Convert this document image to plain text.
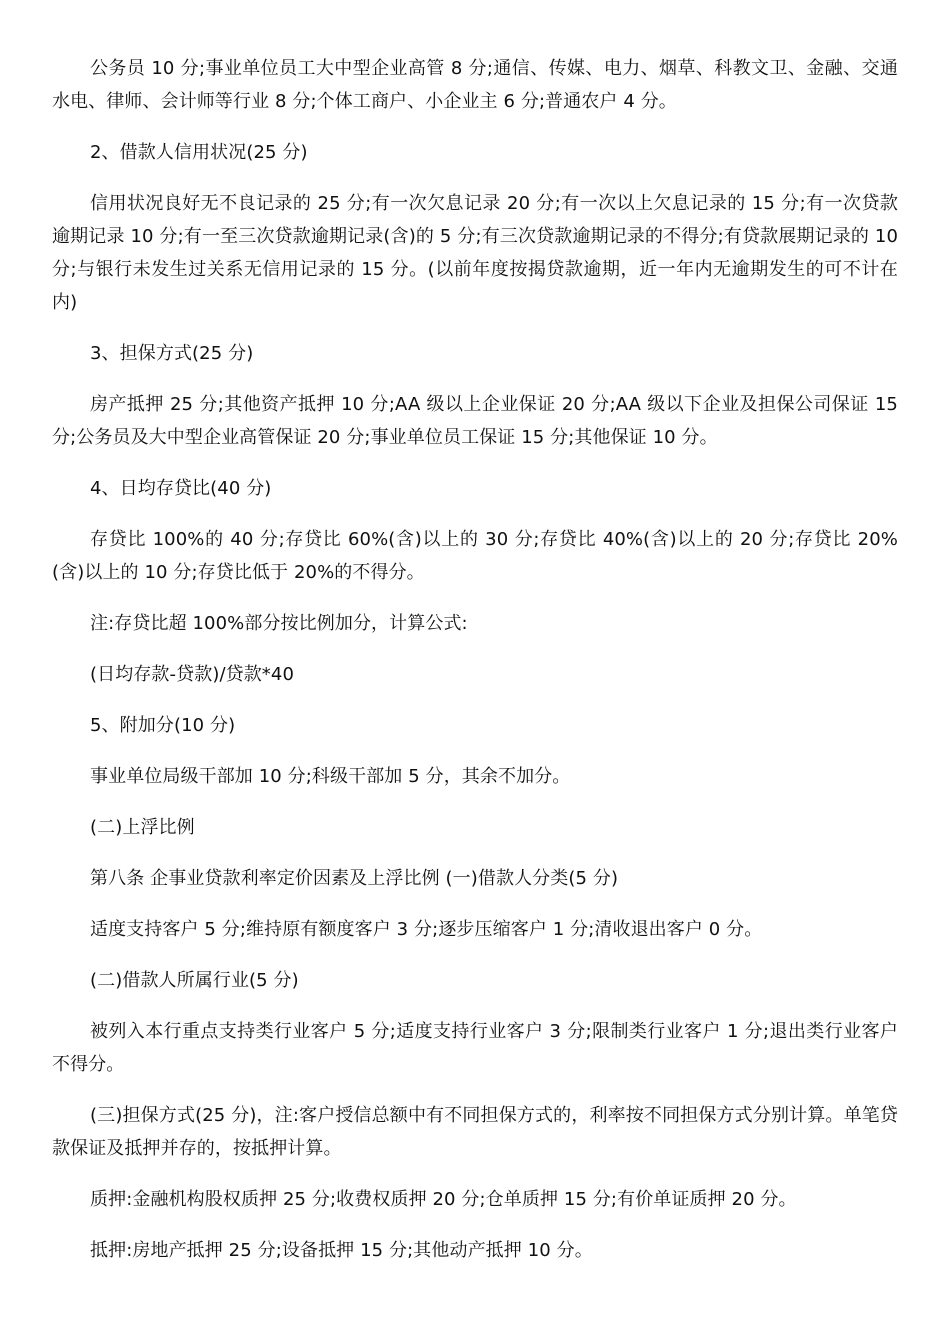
公务员 10 分;事业单位员工大中型企业高管 8 分;通信、传媒、电力、烟草、科教文卫、金融、交通水电、律师、会计师等行业 8 分;个体工商户、小企业主 6 分;普通农户 4 分。

2、借款人信用状况(25 分)

信用状况良好无不良记录的 25 分;有一次欠息记录 20 分;有一次以上欠息记录的 15 分;有一次贷款逾期记录 10 分;有一至三次贷款逾期记录(含)的 5 分;有三次贷款逾期记录的不得分;有贷款展期记录的 10 分;与银行未发生过关系无信用记录的 15 分。(以前年度按揭贷款逾期，近一年内无逾期发生的可不计在内)

3、担保方式(25 分)

房产抵押 25 分;其他资产抵押 10 分;AA 级以上企业保证 20 分;AA 级以下企业及担保公司保证 15 分;公务员及大中型企业高管保证 20 分;事业单位员工保证 15 分;其他保证 10 分。

4、日均存贷比(40 分)

存贷比 100%的 40 分;存贷比 60%(含)以上的 30 分;存贷比 40%(含)以上的 20 分;存贷比 20%(含)以上的 10 分;存贷比低于 20%的不得分。

注:存贷比超 100%部分按比例加分，计算公式:

(日均存款-贷款)/贷款*40

5、附加分(10 分)

事业单位局级干部加 10 分;科级干部加 5 分，其余不加分。

(二)上浮比例

第八条 企事业贷款利率定价因素及上浮比例 (一)借款人分类(5 分)

适度支持客户 5 分;维持原有额度客户 3 分;逐步压缩客户 1 分;清收退出客户 0 分。

(二)借款人所属行业(5 分)

被列入本行重点支持类行业客户 5 分;适度支持行业客户 3 分;限制类行业客户 1 分;退出类行业客户不得分。

(三)担保方式(25 分)，注:客户授信总额中有不同担保方式的，利率按不同担保方式分别计算。单笔贷款保证及抵押并存的，按抵押计算。

质押:金融机构股权质押 25 分;收费权质押 20 分;仓单质押 15 分;有价单证质押 20 分。

抵押:房地产抵押 25 分;设备抵押 15 分;其他动产抵押 10 分。
